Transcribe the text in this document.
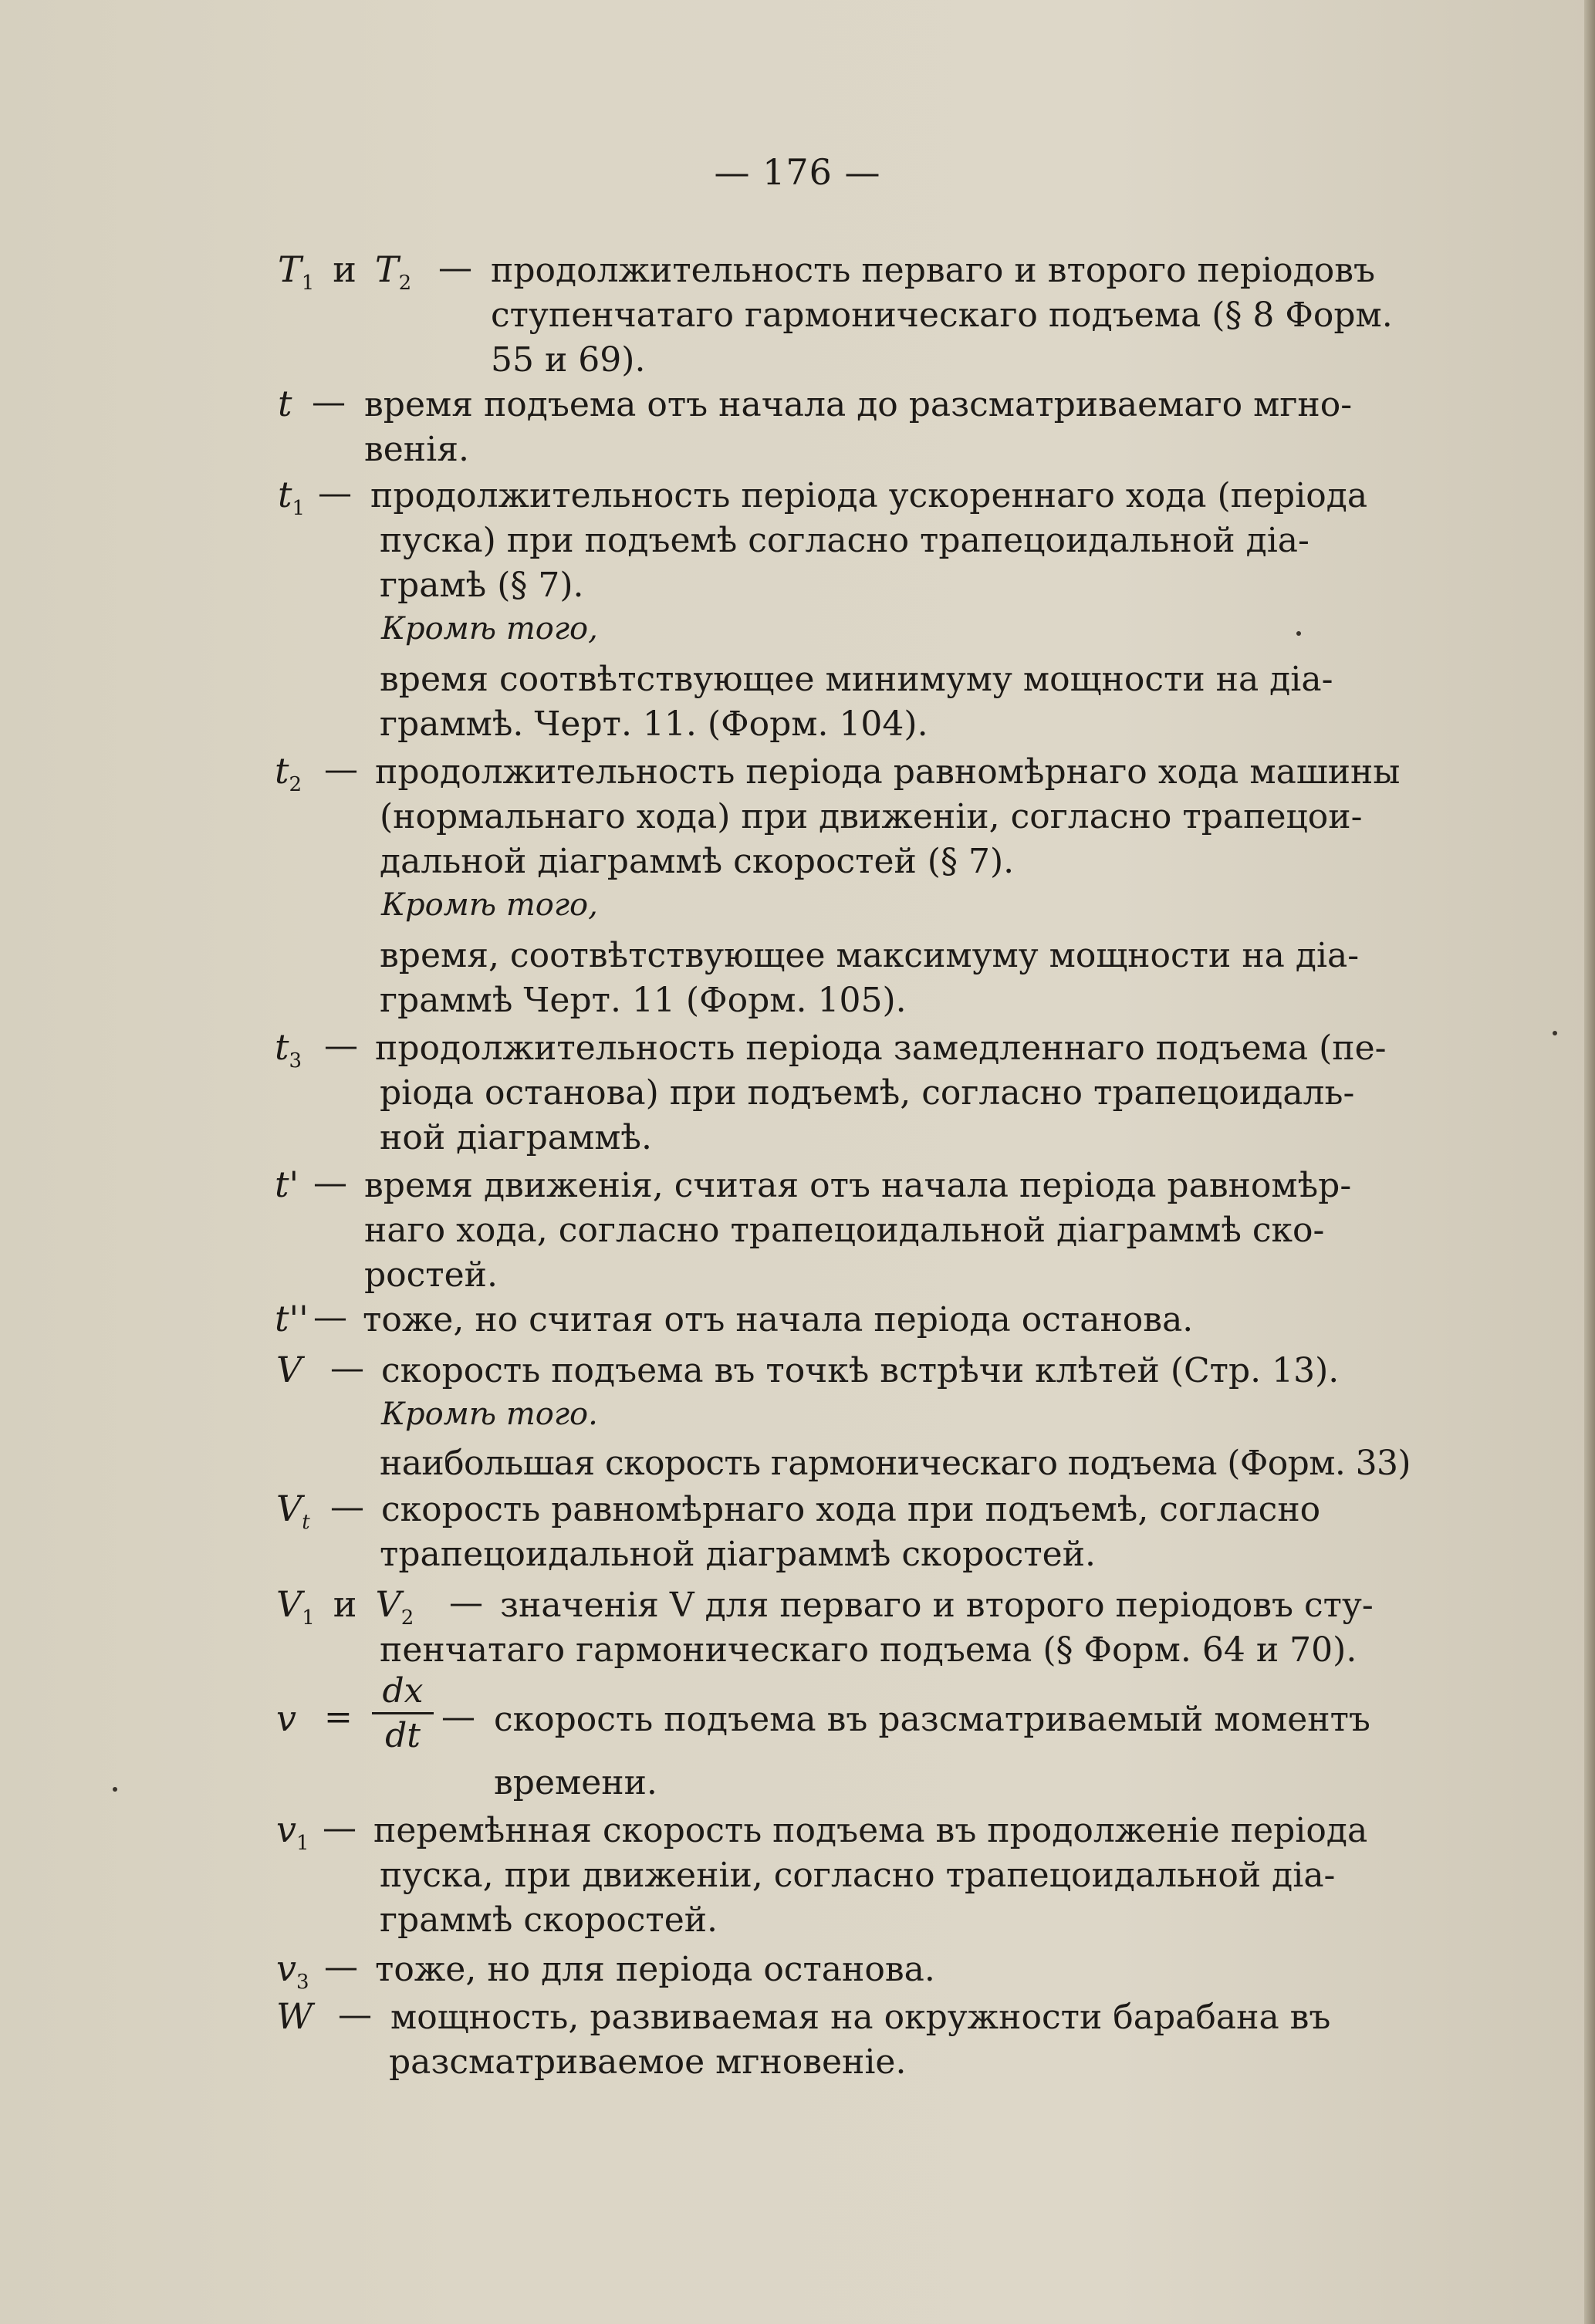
— 176 —
$T_1$ и $T_2$ — продолжительность перваго и второго періодовъ
ступенчатаго гармоническаго подъема (§ 8 Форм.
55 и 69).
t — время подъема отъ начала до разсматриваемаго мгно-
венія.
$t_1$ — продолжительность періода ускореннаго хода (періода
пуска) при подъемѣ согласно трапецоидальной діа-
грамѣ (§ 7).
Кромѣ того,
время соотвѣтствующее минимуму мощности на діа-
граммѣ. Черт. 11. (Форм. 104).
$t_2$ — продолжительность періода равномѣрнаго хода машины
(нормальнаго хода) при движеніи, согласно трапецои-
дальной діаграммѣ скоростей (§ 7).
Кромѣ того,
время, соотвѣтствующее максимуму мощности на діа-
граммѣ Черт. 11 (Форм. 105).
$t_3$ — продолжительность періода замедленнаго подъема (пе-
ріода останова) при подъемѣ, согласно трапецоидаль-
ной діаграммѣ.
t' — время движенія, считая отъ начала періода равномѣр-
наго хода, согласно трапецоидальной діаграммѣ ско-
ростей.
t'' — тоже, но считая отъ начала періода останова.
V — скорость подъема въ точкѣ встрѣчи клѣтей (Стр. 13).
Кромѣ того.
наибольшая скорость гармоническаго подъема (Форм. 33)
$V_t$ — скорость равномѣрнаго хода при подъемѣ, согласно
трапецоидальной діаграммѣ скоростей.
$V_1$ и $V_2$ — значенія V для перваго и второго періодовъ сту-
пенчатаго гармоническаго подъема (§ Форм. 64 и 70).
v =
dx
dt — скорость подъема въ разсматриваемый моментъ
времени.
$v_1$ — перемѣнная скорость подъема въ продолженіе періода
пуска, при движеніи, согласно трапецоидальной діа-
граммѣ скоростей.
$v_3$ — тоже, но для періода останова.
W — мощность, развиваемая на окружности барабана въ
разсматриваемое мгновеніе.
